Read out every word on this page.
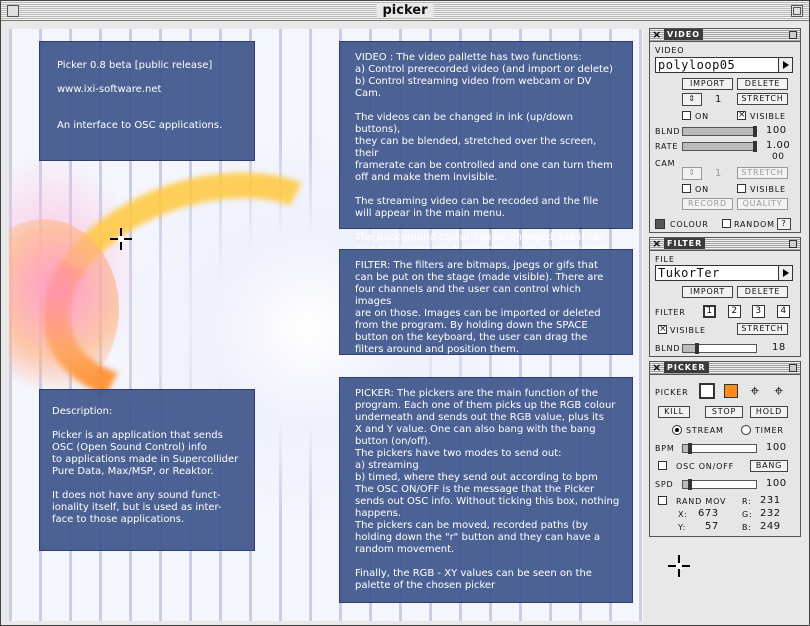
picker
Picker 0.8 beta [public release]

www.ixi-software.net

An interface to OSC applications.
VIDEO : The video pallette has two functions:
a) Control prerecorded video (and import or delete)
b) Control streaming video from webcam or DV Cam.

The videos can be changed in ink (up/down buttons),
they can be blended, stretched over the screen, their
framerate can be controlled and one can turn them
off and make them invisible.

The streaming video can be recoded and the file
will appear in the main menu.

The background colour can be changed and it can

FILTER: The filters are bitmaps, jpegs or gifs that
can be put on the stage (made visible). There are
four channels and the user can control which images
are on those. Images can be imported or deleted
from the program. By holding down the SPACE
button on the keyboard, the user can drag the
filters around and position them.
Description:

Picker is an application that sends
OSC (Open Sound Control) info
to applications made in Supercollider
Pure Data, Max/MSP, or Reaktor.

It does not have any sound funct-
ionality itself, but is used as inter-
face to those applications.
PICKER: The pickers are the main function of the
program. Each one of them picks up the RGB colour
underneath and sends out the RGB value, plus its
X and Y value. One can also bang with the bang
button (on/off).
The pickers have two modes to send out:
a) streaming
b) timed, where they send out according to bpm
The OSC ON/OFF is the message that the Picker
sends out OSC info. Without ticking this box, nothing
happens.
The pickers can be moved, recorded paths (by
holding down the "r" button and they can have a
random movement.

Finally, the RGB - XY values can be seen on the
palette of the chosen picker
× VIDEO
VIDEO
polyloop05
IMPORT	DELETE
⇕	1	STRETCH
ON	× VISIBLE
BLND	100
RATE	1.00
00
CAM
⇕	1	STRETCH
ON	VISIBLE
RECORD	QUALITY
COLOUR	RANDOM ?
× FILTER
FILE
TukorTer
IMPORT	DELETE
FILTER	1	2	3	4
× VISIBLE	STRETCH
BLND	18
× PICKER
PICKER	⌖ ⌖
KILL	STOP	HOLD
STREAM	TIMER
BPM	100
OSC ON/OFF	BANG
SPD	100
RAND MOV R: 231
X: 673	G: 232
Y: 57	B: 249
